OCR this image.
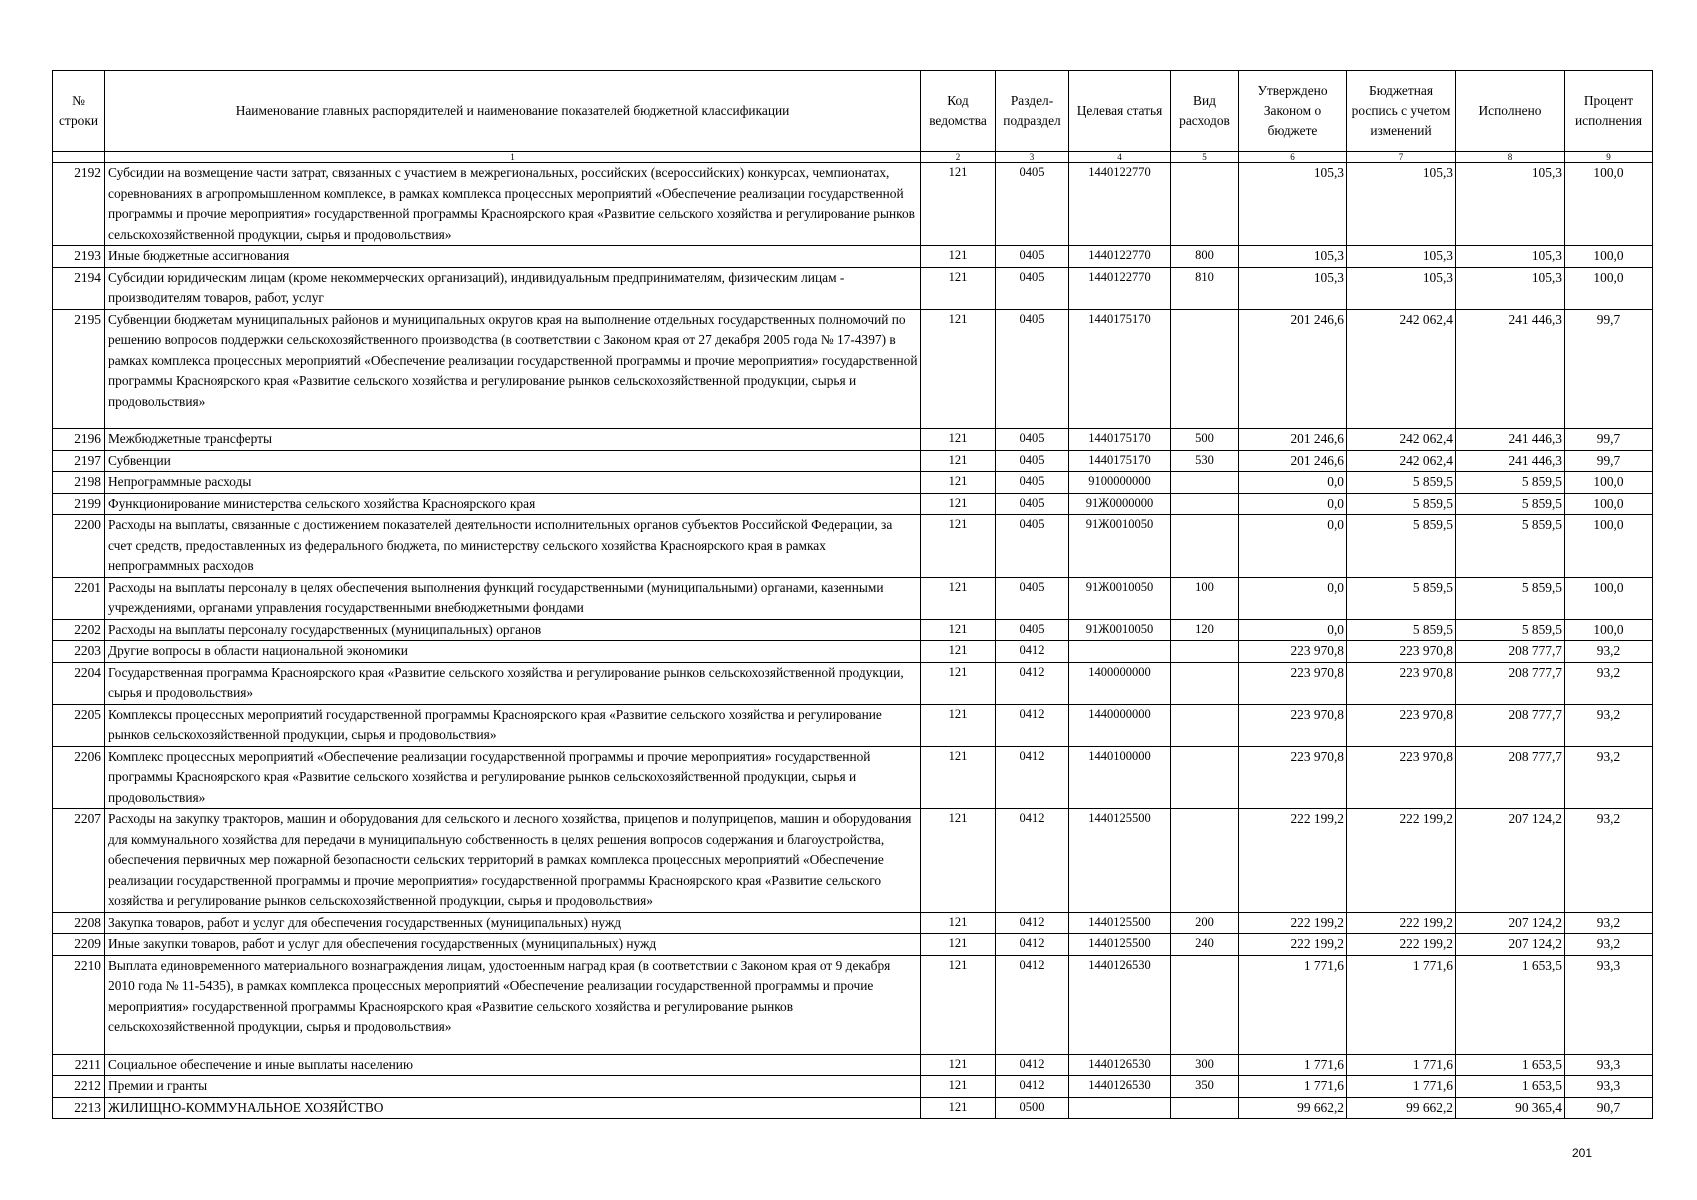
№ строки	Наименование главных распорядителей и наименование показателей бюджетной классификации	Код ведомства	Раздел-подраздел	Целевая статья	Вид расходов	Утверждено Законом о бюджете	Бюджетная роспись с учетом изменений	Исполнено	Процент исполнения
	1	2	3	4	5	6	7	8	9
2192	Субсидии на возмещение части затрат, связанных с участием в межрегиональных, российских (всероссийских) конкурсах, чемпионатах, соревнованиях в агропромышленном комплексе, в рамках комплекса процессных мероприятий «Обеспечение реализации государственной программы и прочие мероприятия» государственной программы Красноярского края «Развитие сельского хозяйства и регулирование рынков сельскохозяйственной продукции, сырья и продовольствия»	121	0405	1440122770		105,3	105,3	105,3	100,0
2193	Иные бюджетные ассигнования	121	0405	1440122770	800	105,3	105,3	105,3	100,0
2194	Субсидии юридическим лицам (кроме некоммерческих организаций), индивидуальным предпринимателям, физическим лицам - производителям товаров, работ, услуг	121	0405	1440122770	810	105,3	105,3	105,3	100,0
2195	Субвенции бюджетам муниципальных районов и муниципальных округов края на выполнение отдельных государственных полномочий по решению вопросов поддержки сельскохозяйственного производства (в соответствии с Законом края от 27 декабря 2005 года № 17-4397) в рамках комплекса процессных мероприятий «Обеспечение реализации государственной программы и прочие мероприятия» государственной программы Красноярского края «Развитие сельского хозяйства и регулирование рынков сельскохозяйственной продукции, сырья и продовольствия»	121	0405	1440175170		201 246,6	242 062,4	241 446,3	99,7
2196	Межбюджетные трансферты	121	0405	1440175170	500	201 246,6	242 062,4	241 446,3	99,7
2197	Субвенции	121	0405	1440175170	530	201 246,6	242 062,4	241 446,3	99,7
2198	Непрограммные расходы	121	0405	9100000000		0,0	5 859,5	5 859,5	100,0
2199	Функционирование министерства сельского хозяйства Красноярского края	121	0405	91Ж0000000		0,0	5 859,5	5 859,5	100,0
2200	Расходы на выплаты, связанные с достижением показателей деятельности исполнительных органов субъектов Российской Федерации, за счет средств, предоставленных из федерального бюджета, по министерству сельского хозяйства Красноярского края в рамках непрограммных расходов	121	0405	91Ж0010050		0,0	5 859,5	5 859,5	100,0
2201	Расходы на выплаты персоналу в целях обеспечения выполнения функций государственными (муниципальными) органами, казенными учреждениями, органами управления государственными внебюджетными фондами	121	0405	91Ж0010050	100	0,0	5 859,5	5 859,5	100,0
2202	Расходы на выплаты персоналу государственных (муниципальных) органов	121	0405	91Ж0010050	120	0,0	5 859,5	5 859,5	100,0
2203	Другие вопросы в области национальной экономики	121	0412			223 970,8	223 970,8	208 777,7	93,2
2204	Государственная программа Красноярского края «Развитие сельского хозяйства и регулирование рынков сельскохозяйственной продукции, сырья и продовольствия»	121	0412	1400000000		223 970,8	223 970,8	208 777,7	93,2
2205	Комплексы процессных мероприятий государственной программы Красноярского края «Развитие сельского хозяйства и регулирование рынков сельскохозяйственной продукции, сырья и продовольствия»	121	0412	1440000000		223 970,8	223 970,8	208 777,7	93,2
2206	Комплекс процессных мероприятий «Обеспечение реализации государственной программы и прочие мероприятия» государственной программы Красноярского края «Развитие сельского хозяйства и регулирование рынков сельскохозяйственной продукции, сырья и продовольствия»	121	0412	1440100000		223 970,8	223 970,8	208 777,7	93,2
2207	Расходы на закупку тракторов, машин и оборудования для сельского и лесного хозяйства, прицепов и полуприцепов, машин и оборудования для коммунального хозяйства для передачи в муниципальную собственность в целях решения вопросов содержания и благоустройства, обеспечения первичных мер пожарной безопасности сельских территорий в рамках комплекса процессных мероприятий «Обеспечение реализации государственной программы и прочие мероприятия» государственной программы Красноярского края «Развитие сельского хозяйства и регулирование рынков сельскохозяйственной продукции, сырья и продовольствия»	121	0412	1440125500		222 199,2	222 199,2	207 124,2	93,2
2208	Закупка товаров, работ и услуг для обеспечения государственных (муниципальных) нужд	121	0412	1440125500	200	222 199,2	222 199,2	207 124,2	93,2
2209	Иные закупки товаров, работ и услуг для обеспечения государственных (муниципальных) нужд	121	0412	1440125500	240	222 199,2	222 199,2	207 124,2	93,2
2210	Выплата единовременного материального вознаграждения лицам, удостоенным наград края (в соответствии с Законом края от 9 декабря 2010 года № 11-5435), в рамках комплекса процессных мероприятий «Обеспечение реализации государственной программы и прочие мероприятия» государственной программы Красноярского края «Развитие сельского хозяйства и регулирование рынков сельскохозяйственной продукции, сырья и продовольствия»	121	0412	1440126530		1 771,6	1 771,6	1 653,5	93,3
2211	Социальное обеспечение и иные выплаты населению	121	0412	1440126530	300	1 771,6	1 771,6	1 653,5	93,3
2212	Премии и гранты	121	0412	1440126530	350	1 771,6	1 771,6	1 653,5	93,3
2213	ЖИЛИЩНО-КОММУНАЛЬНОЕ ХОЗЯЙСТВО	121	0500			99 662,2	99 662,2	90 365,4	90,7
201
